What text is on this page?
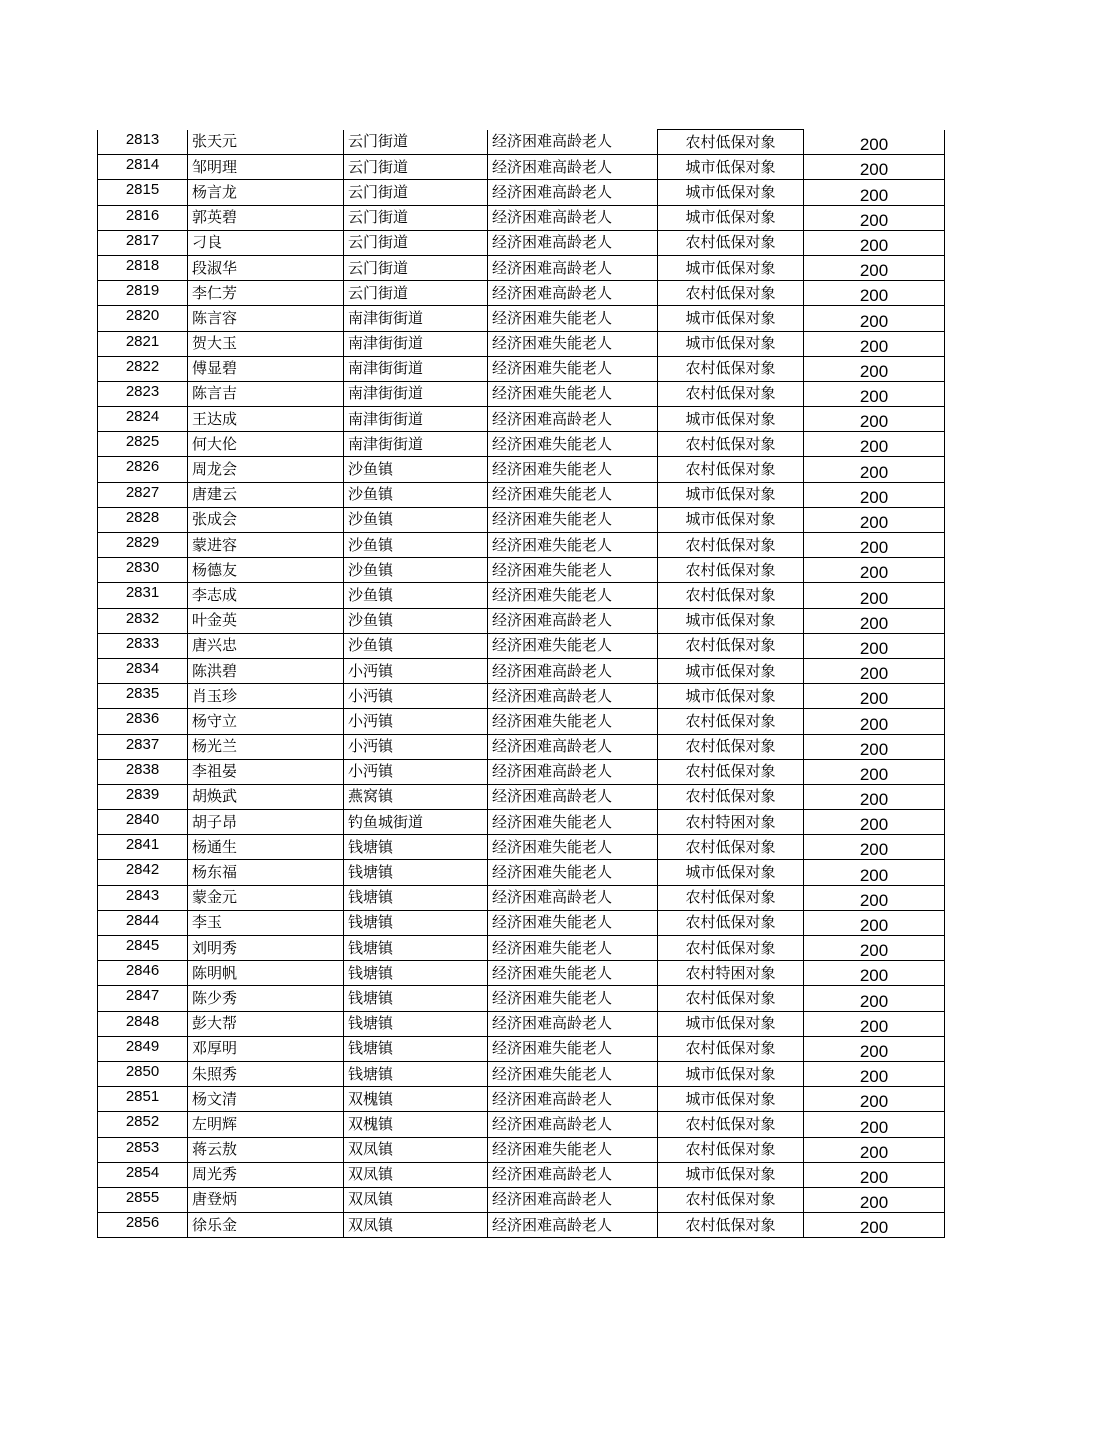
2813	张天元	云门街道	经济困难高龄老人	农村低保对象	200
2814	邹明理	云门街道	经济困难高龄老人	城市低保对象	200
2815	杨言龙	云门街道	经济困难高龄老人	城市低保对象	200
2816	郭英碧	云门街道	经济困难高龄老人	城市低保对象	200
2817	刁良	云门街道	经济困难高龄老人	农村低保对象	200
2818	段淑华	云门街道	经济困难高龄老人	城市低保对象	200
2819	李仁芳	云门街道	经济困难高龄老人	农村低保对象	200
2820	陈言容	南津街街道	经济困难失能老人	城市低保对象	200
2821	贺大玉	南津街街道	经济困难失能老人	城市低保对象	200
2822	傅显碧	南津街街道	经济困难失能老人	农村低保对象	200
2823	陈言吉	南津街街道	经济困难失能老人	农村低保对象	200
2824	王达成	南津街街道	经济困难高龄老人	城市低保对象	200
2825	何大伦	南津街街道	经济困难失能老人	农村低保对象	200
2826	周龙会	沙鱼镇	经济困难失能老人	农村低保对象	200
2827	唐建云	沙鱼镇	经济困难失能老人	城市低保对象	200
2828	张成会	沙鱼镇	经济困难失能老人	城市低保对象	200
2829	蒙进容	沙鱼镇	经济困难失能老人	农村低保对象	200
2830	杨德友	沙鱼镇	经济困难失能老人	农村低保对象	200
2831	李志成	沙鱼镇	经济困难失能老人	农村低保对象	200
2832	叶金英	沙鱼镇	经济困难高龄老人	城市低保对象	200
2833	唐兴忠	沙鱼镇	经济困难失能老人	农村低保对象	200
2834	陈洪碧	小沔镇	经济困难高龄老人	城市低保对象	200
2835	肖玉珍	小沔镇	经济困难高龄老人	城市低保对象	200
2836	杨守立	小沔镇	经济困难失能老人	农村低保对象	200
2837	杨光兰	小沔镇	经济困难高龄老人	农村低保对象	200
2838	李祖晏	小沔镇	经济困难高龄老人	农村低保对象	200
2839	胡焕武	燕窝镇	经济困难高龄老人	农村低保对象	200
2840	胡子昂	钓鱼城街道	经济困难失能老人	农村特困对象	200
2841	杨通生	钱塘镇	经济困难失能老人	农村低保对象	200
2842	杨东福	钱塘镇	经济困难失能老人	城市低保对象	200
2843	蒙金元	钱塘镇	经济困难高龄老人	农村低保对象	200
2844	李玉	钱塘镇	经济困难失能老人	农村低保对象	200
2845	刘明秀	钱塘镇	经济困难失能老人	农村低保对象	200
2846	陈明帆	钱塘镇	经济困难失能老人	农村特困对象	200
2847	陈少秀	钱塘镇	经济困难失能老人	农村低保对象	200
2848	彭大帮	钱塘镇	经济困难高龄老人	城市低保对象	200
2849	邓厚明	钱塘镇	经济困难失能老人	农村低保对象	200
2850	朱照秀	钱塘镇	经济困难失能老人	城市低保对象	200
2851	杨文清	双槐镇	经济困难高龄老人	城市低保对象	200
2852	左明辉	双槐镇	经济困难高龄老人	农村低保对象	200
2853	蒋云敖	双凤镇	经济困难失能老人	农村低保对象	200
2854	周光秀	双凤镇	经济困难高龄老人	城市低保对象	200
2855	唐登炳	双凤镇	经济困难高龄老人	农村低保对象	200
2856	徐乐金	双凤镇	经济困难高龄老人	农村低保对象	200
